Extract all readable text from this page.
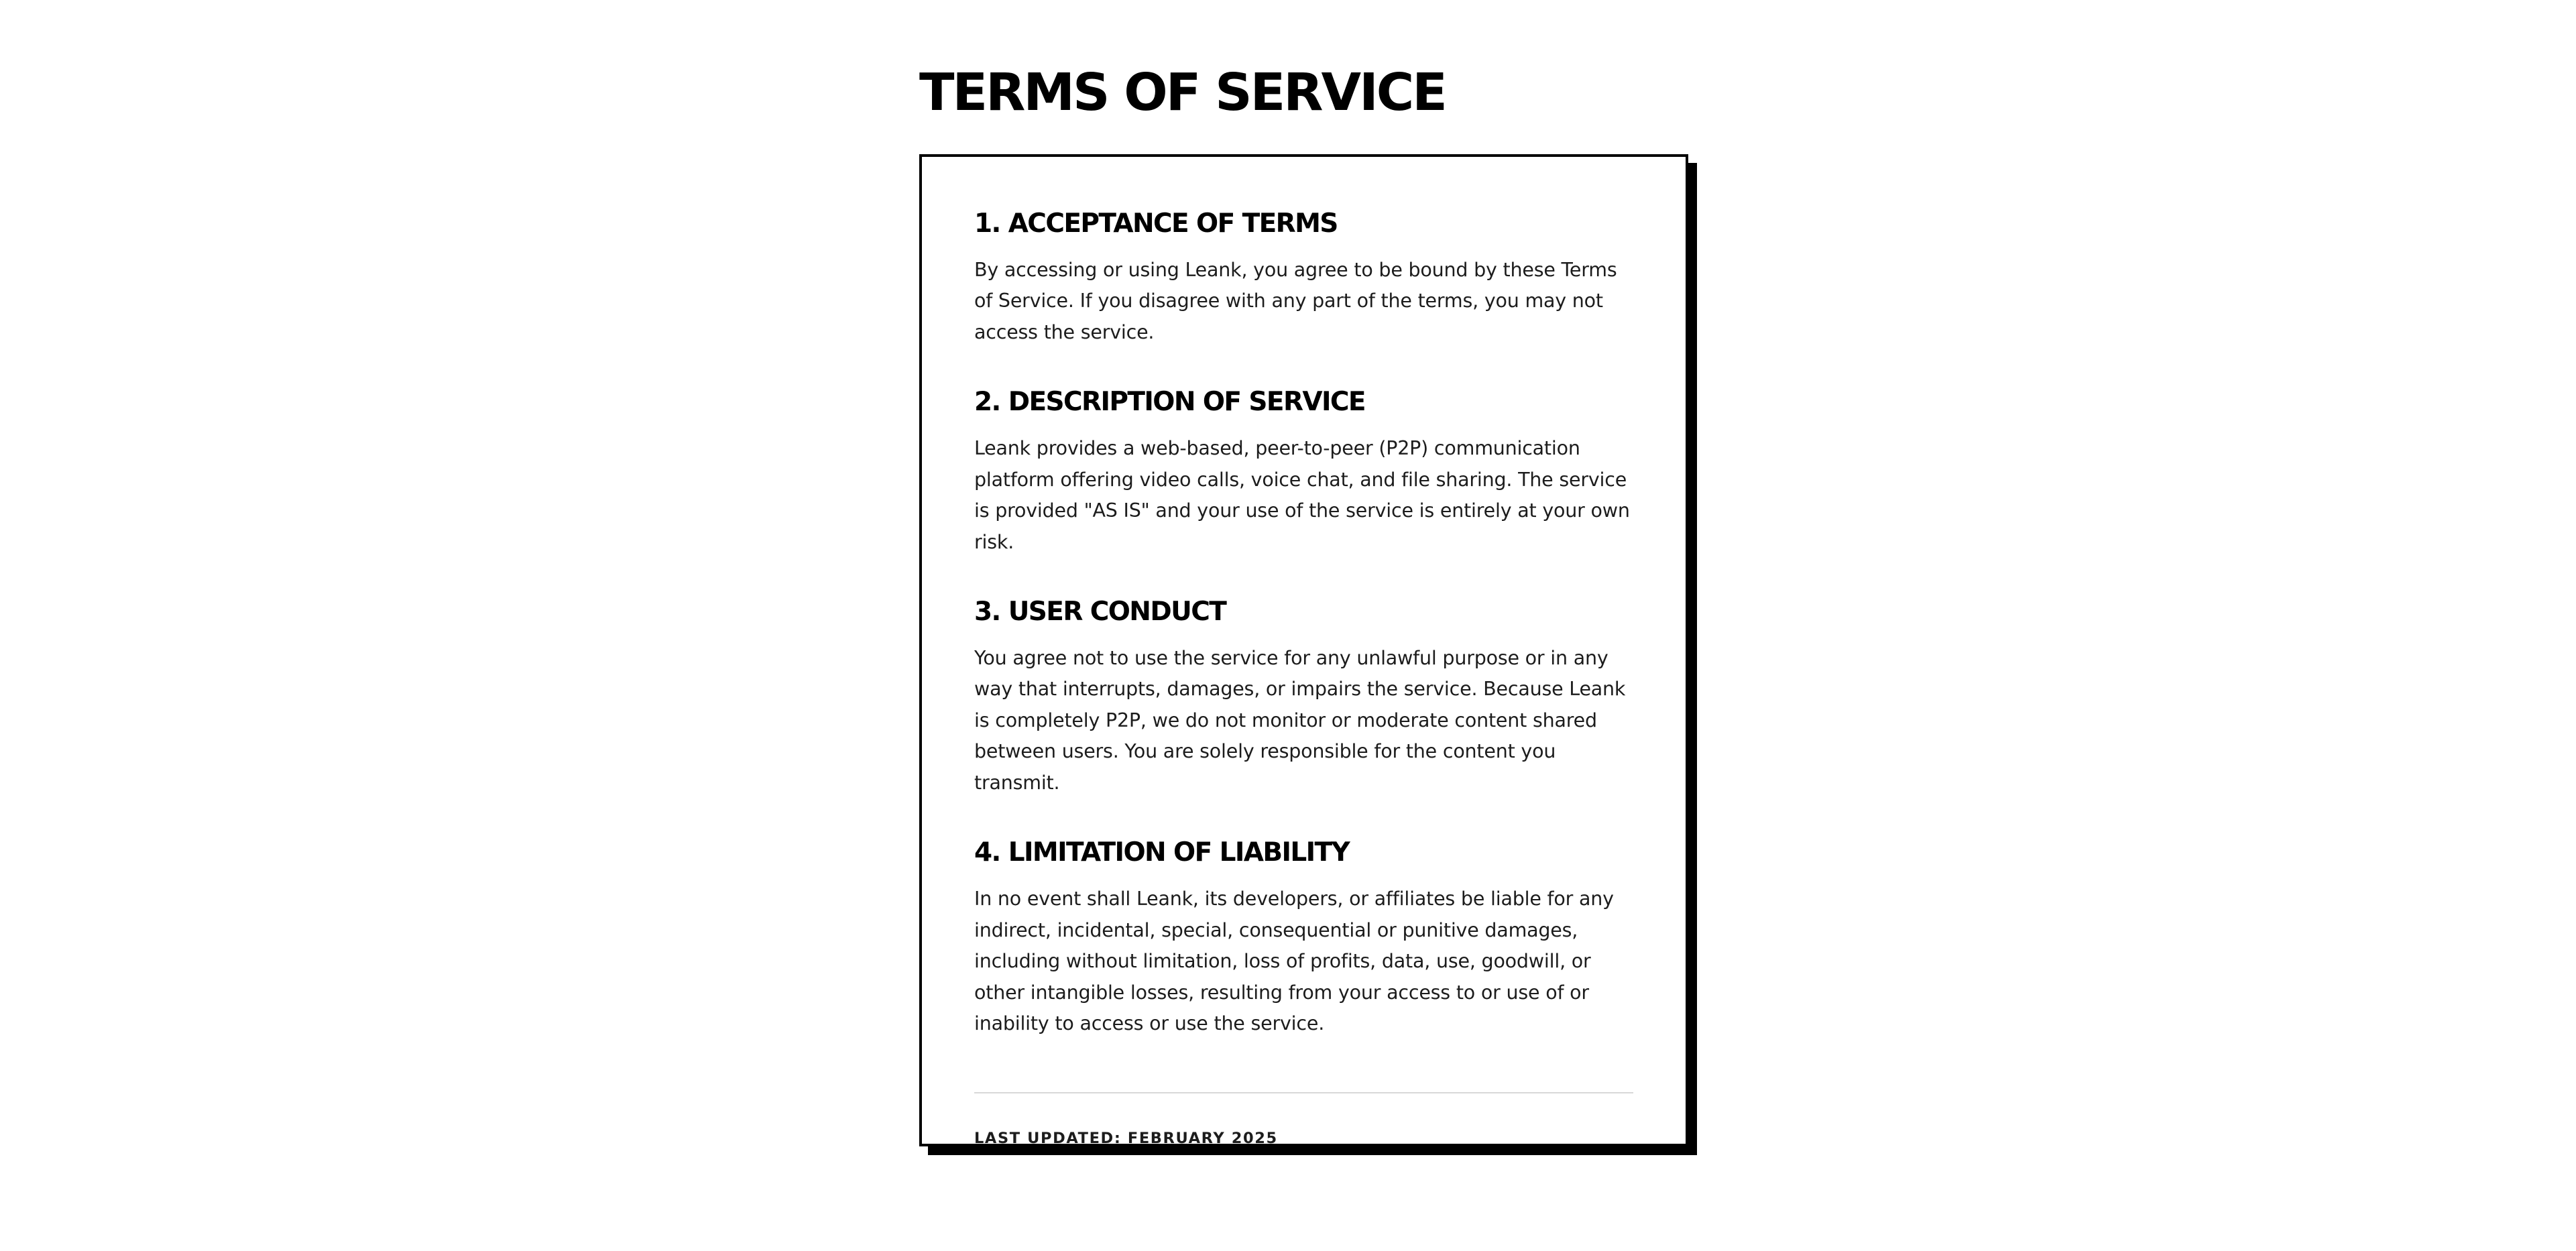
TERMS OF SERVICE
1. ACCEPTANCE OF TERMS

By accessing or using Leank, you agree to be bound by these Terms of Service. If you disagree with any part of the terms, you may not access the service.

2. DESCRIPTION OF SERVICE

Leank provides a web-based, peer-to-peer (P2P) communication platform offering video calls, voice chat, and file sharing. The service is provided "AS IS" and your use of the service is entirely at your own risk.

3. USER CONDUCT

You agree not to use the service for any unlawful purpose or in any way that interrupts, damages, or impairs the service. Because Leank is completely P2P, we do not monitor or moderate content shared between users. You are solely responsible for the content you transmit.

4. LIMITATION OF LIABILITY

In no event shall Leank, its developers, or affiliates be liable for any indirect, incidental, special, consequential or punitive damages, including without limitation, loss of profits, data, use, goodwill, or other intangible losses, resulting from your access to or use of or inability to access or use the service.

LAST UPDATED: FEBRUARY 2025
